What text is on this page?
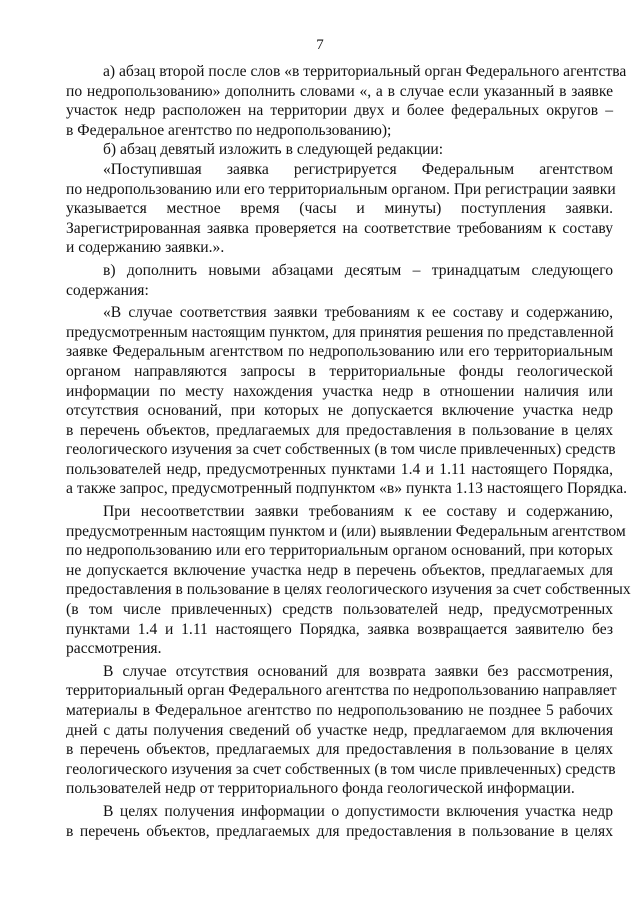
7
а) абзац второй после слов «в территориальный орган Федерального агентства
по недропользованию» дополнить словами «, а в случае если указанный в заявке
участок недр расположен на территории двух и более федеральных округов –
в Федеральное агентство по недропользованию);
б) абзац девятый изложить в следующей редакции:
«Поступившая заявка регистрируется Федеральным агентством
по недропользованию или его территориальным органом. При регистрации заявки
указывается местное время (часы и минуты) поступления заявки.
Зарегистрированная заявка проверяется на соответствие требованиям к составу
и содержанию заявки.».
в) дополнить новыми абзацами десятым – тринадцатым следующего
содержания:
«В случае соответствия заявки требованиям к ее составу и содержанию,
предусмотренным настоящим пунктом, для принятия решения по представленной
заявке Федеральным агентством по недропользованию или его территориальным
органом направляются запросы в территориальные фонды геологической
информации по месту нахождения участка недр в отношении наличия или
отсутствия оснований, при которых не допускается включение участка недр
в перечень объектов, предлагаемых для предоставления в пользование в целях
геологического изучения за счет собственных (в том числе привлеченных) средств
пользователей недр, предусмотренных пунктами 1.4 и 1.11 настоящего Порядка,
а также запрос, предусмотренный подпунктом «в» пункта 1.13 настоящего Порядка.
При несоответствии заявки требованиям к ее составу и содержанию,
предусмотренным настоящим пунктом и (или) выявлении Федеральным агентством
по недропользованию или его территориальным органом оснований, при которых
не допускается включение участка недр в перечень объектов, предлагаемых для
предоставления в пользование в целях геологического изучения за счет собственных
(в том числе привлеченных) средств пользователей недр, предусмотренных
пунктами 1.4 и 1.11 настоящего Порядка, заявка возвращается заявителю без
рассмотрения.
В случае отсутствия оснований для возврата заявки без рассмотрения,
территориальный орган Федерального агентства по недропользованию направляет
материалы в Федеральное агентство по недропользованию не позднее 5 рабочих
дней с даты получения сведений об участке недр, предлагаемом для включения
в перечень объектов, предлагаемых для предоставления в пользование в целях
геологического изучения за счет собственных (в том числе привлеченных) средств
пользователей недр от территориального фонда геологической информации.
В целях получения информации о допустимости включения участка недр
в перечень объектов, предлагаемых для предоставления в пользование в целях
